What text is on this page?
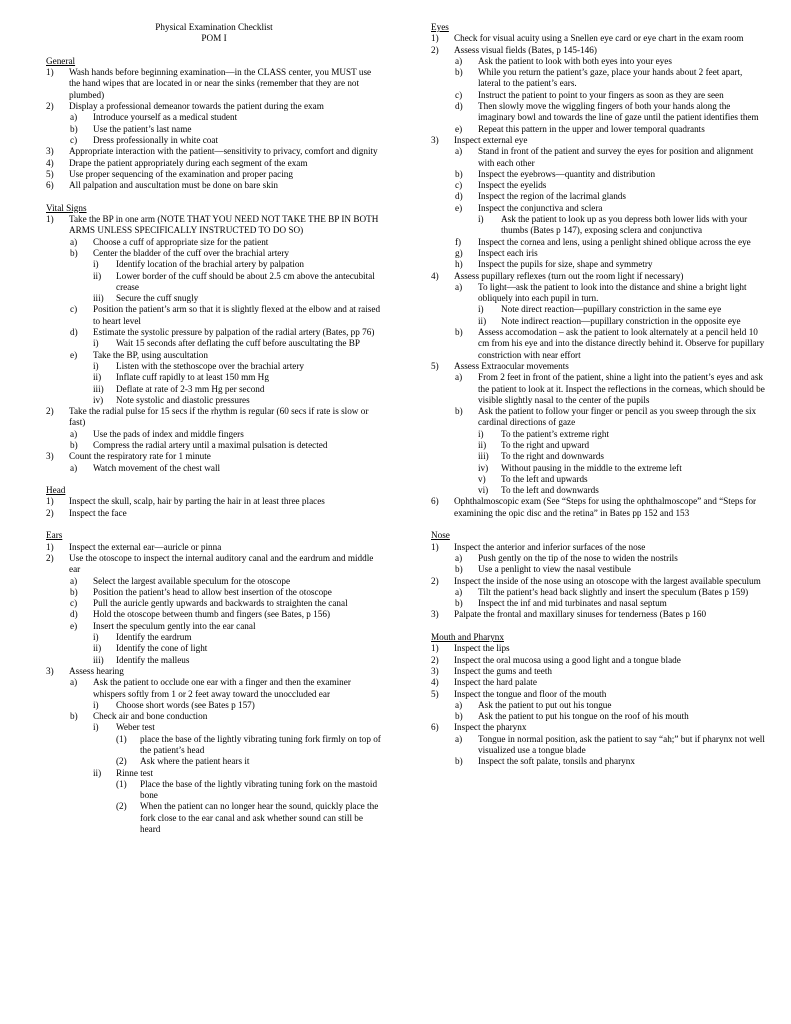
Physical Examination Checklist
POM I
General
1) Wash hands before beginning examination—in the CLASS center, you MUST use the hand wipes that are located in or near the sinks (remember that they are not plumbed)
2) Display a professional demeanor towards the patient during the exam
a) Introduce yourself as a medical student
b) Use the patient’s last name
c) Dress professionally in white coat
3) Appropriate interaction with the patient—sensitivity to privacy, comfort and dignity
4) Drape the patient appropriately during each segment of the exam
5) Use proper sequencing of the examination and proper pacing
6) All palpation and auscultation must be done on bare skin
Vital Signs
1) Take the BP in one arm (NOTE THAT YOU NEED NOT TAKE THE BP IN BOTH ARMS UNLESS SPECIFICALLY INSTRUCTED TO DO SO)
a) Choose a cuff of appropriate size for the patient
b) Center the bladder of the cuff over the brachial artery
i) Identify location of the brachial artery by palpation
ii) Lower border of the cuff should be about 2.5 cm above the antecubital crease
iii) Secure the cuff snugly
c) Position the patient’s arm so that it is slightly flexed at the elbow and at raised to heart level
d) Estimate the systolic pressure by palpation of the radial artery (Bates, pp 76)
i) Wait 15 seconds after deflating the cuff before auscultating the BP
e) Take the BP, using auscultation
i) Listen with the stethoscope over the brachial artery
ii) Inflate cuff rapidly to at least 150 mm Hg
iii) Deflate at rate of 2-3 mm Hg per second
iv) Note systolic and diastolic pressures
2) Take the radial pulse for 15 secs if the rhythm is regular (60 secs if rate is slow or fast)
a) Use the pads of index and middle fingers
b) Compress the radial artery until a maximal pulsation is detected
3) Count the respiratory rate for 1 minute
a) Watch movement of the chest wall
Head
1) Inspect the skull, scalp, hair by parting the hair in at least three places
2) Inspect the face
Ears
1) Inspect the external ear—auricle or pinna
2) Use the otoscope to inspect the internal auditory canal and the eardrum and middle ear
a) Select the largest available speculum for the otoscope
b) Position the patient’s head to allow best insertion of the otoscope
c) Pull the auricle gently upwards and backwards to straighten the canal
d) Hold the otoscope between thumb and fingers (see Bates, p 156)
e) Insert the speculum gently into the ear canal
i) Identify the eardrum
ii) Identify the cone of light
iii) Identify the malleus
3) Assess hearing
a) Ask the patient to occlude one ear with a finger and then the examiner whispers softly from 1 or 2 feet away toward the unoccluded ear
i) Choose short words (see Bates p 157)
b) Check air and bone conduction
i) Weber test
(1) place the base of the lightly vibrating tuning fork firmly on top of the patient’s head
(2) Ask where the patient hears it
ii) Rinne test
(1) Place the base of the lightly vibrating tuning fork on the mastoid bone
(2) When the patient can no longer hear the sound, quickly place the fork close to the ear canal and ask whether sound can still be heard
Eyes
1) Check for visual acuity using a Snellen eye card or eye chart in the exam room
2) Assess visual fields (Bates, p 145-146)
a) Ask the patient to look with both eyes into your eyes
b) While you return the patient’s gaze, place your hands about 2 feet apart, lateral to the patient’s ears.
c) Instruct the patient to point to your fingers as soon as they are seen
d) Then slowly move the wiggling fingers of both your hands along the imaginary bowl and towards the line of gaze until the patient identifies them
e) Repeat this pattern in the upper and lower temporal quadrants
3) Inspect external eye
a) Stand in front of the patient and survey the eyes for position and alignment with each other
b) Inspect the eyebrows—quantity and distribution
c) Inspect the eyelids
d) Inspect the region of the lacrimal glands
e) Inspect the conjunctiva and sclera
i) Ask the patient to look up as you depress both lower lids with your thumbs (Bates p 147), exposing sclera and conjunctiva
f) Inspect the cornea and lens, using a penlight shined oblique across the eye
g) Inspect each iris
h) Inspect the pupils for size, shape and symmetry
4) Assess pupillary reflexes (turn out the room light if necessary)
a) To light—ask the patient to look into the distance and shine a bright light obliquely into each pupil in turn.
i) Note direct reaction—pupillary constriction in the same eye
ii) Note indirect reaction—pupillary constriction in the opposite eye
b) Assess accomodation – ask the patient to look alternately at a pencil held 10 cm from his eye and into the distance directly behind it. Observe for pupillary constriction with near effort
5) Assess Extraocular movements
a) From 2 feet in front of the patient, shine a light into the patient’s eyes and ask the patient to look at it. Inspect the reflections in the corneas, which should be visible slightly nasal to the center of the pupils
b) Ask the patient to follow your finger or pencil as you sweep through the six cardinal directions of gaze
i) To the patient’s extreme right
ii) To the right and upward
iii) To the right and downwards
iv) Without pausing in the middle to the extreme left
v) To the left and upwards
vi) To the left and downwards
6) Ophthalmoscopic exam (See “Steps for using the ophthalmoscope” and “Steps for examining the opic disc and the retina” in Bates pp 152 and 153
Nose
1) Inspect the anterior and inferior surfaces of the nose
a) Push gently on the tip of the nose to widen the nostrils
b) Use a penlight to view the nasal vestibule
2) Inspect the inside of the nose using an otoscope with the largest available speculum
a) Tilt the patient’s head back slightly and insert the speculum (Bates p 159)
b) Inspect the inf and mid turbinates and nasal septum
3) Palpate the frontal and maxillary sinuses for tenderness (Bates p 160
Mouth and Pharynx
1) Inspect the lips
2) Inspect the oral mucosa using a good light and a tongue blade
3) Inspect the gums and teeth
4) Inspect the hard palate
5) Inspect the tongue and floor of the mouth
a) Ask the patient to put out his tongue
b) Ask the patient to put his tongue on the roof of his mouth
6) Inspect the pharynx
a) Tongue in normal position, ask the patient to say “ah;” but if pharynx not well visualized use a tongue blade
b) Inspect the soft palate, tonsils and pharynx
